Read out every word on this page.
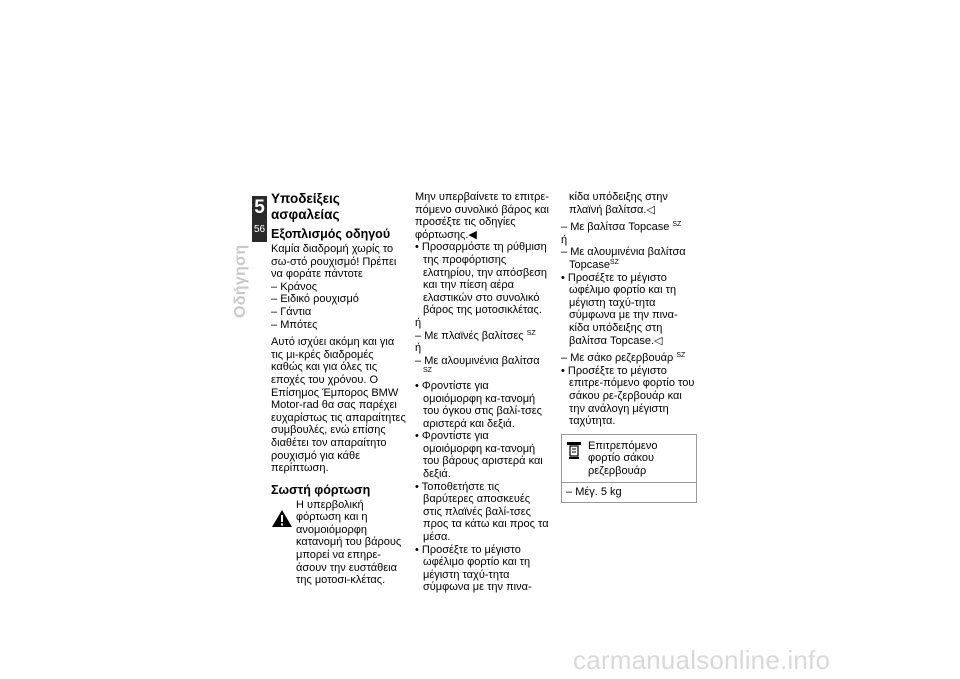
5
56
Οδήγηση
Υποδείξεις ασφαλείας
Εξοπλισμός οδηγού

Καμία διαδρομή χωρίς το σω-στό ρουχισμό! Πρέπει να φοράτε πάντοτε

– Κράνος

– Ειδικό ρουχισμό

– Γάντια

– Μπότες

Αυτό ισχύει ακόμη και για τις μι-κρές διαδρομές καθώς και για όλες τις εποχές του χρόνου. Ο Επίσημος Έμπορος BMW Motor-rad θα σας παρέχει ευχαρίστως τις απαραίτητες συμβουλές, ενώ επίσης διαθέτει τον απαραίτητο ρουχισμό για κάθε περίπτωση.

Σωστή φόρτωση

Η υπερβολική φόρτωση και η ανομοιόμορφη κατανομή του βάρους μπορεί να επηρε-άσουν την ευστάθεια της μοτοσι-κλέτας.

Μην υπερβαίνετε το επιτρε-πόμενο συνολικό βάρος και προσέξτε τις οδηγίες φόρτωσης.◀

• Προσαρμόστε τη ρύθμιση της προφόρτισης ελατηρίου, την απόσβεση και την πίεση αέρα ελαστικών στο συνολικό βάρος της μοτοσικλέτας.

ή

– Με πλαϊνές βαλίτσες $^{SZ}$

ή

– Με αλουμινένια βαλίτσα $^{SZ}$

• Φροντίστε για ομοιόμορφη κα-τανομή του όγκου στις βαλί-τσες αριστερά και δεξιά.

• Φροντίστε για ομοιόμορφη κα-τανομή του βάρους αριστερά και δεξιά.

• Τοποθετήστε τις βαρύτερες αποσκευές στις πλαϊνές βαλί-τσες προς τα κάτω και προς τα μέσα.

• Προσέξτε το μέγιστο ωφέλιμο φορτίο και τη μέγιστη ταχύ-τητα σύμφωνα με την πινα-

κίδα υπόδειξης στην πλαϊνή βαλίτσα.◁

– Με βαλίτσα Topcase $^{SZ}$

ή

– Με αλουμινένια βαλίτσα Topcase$^{SZ}$

• Προσέξτε το μέγιστο ωφέλιμο φορτίο και τη μέγιστη ταχύ-τητα σύμφωνα με την πινα-κίδα υπόδειξης στη βαλίτσα Topcase.◁

– Με σάκο ρεζερβουάρ $^{SZ}$

• Προσέξτε το μέγιστο επιτρε-πόμενο φορτίο του σάκου ρε-ζερβουάρ και την ανάλογη μέγιστη ταχύτητα.

Επιτρεπόμενο φορτίο σάκου ρεζερβουάρ

– Μέγ. 5 kg

carmanualsonline.info
